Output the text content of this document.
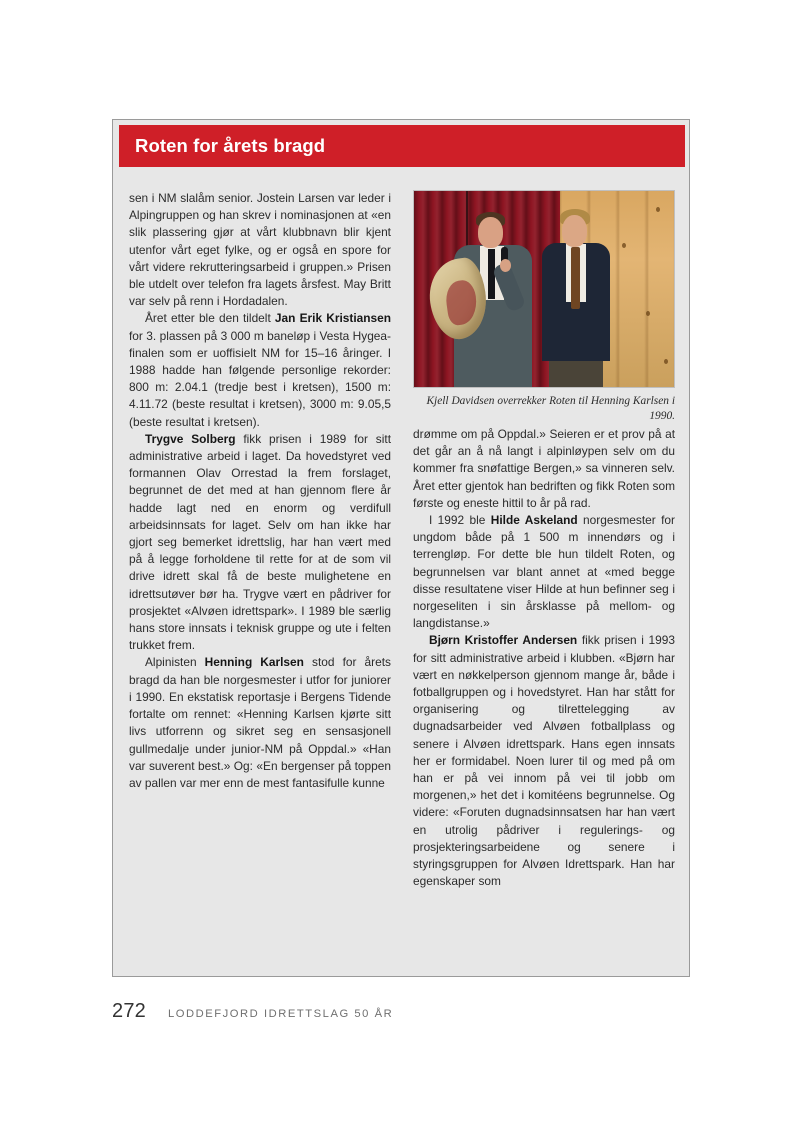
Roten for årets bragd
Kjell Davidsen overrekker Roten til Henning Karlsen i 1990.

sen i NM slalåm senior. Jostein Larsen var leder i Alpingruppen og han skrev i nominasjonen at «en slik plassering gjør at vårt klubbnavn blir kjent utenfor vårt eget fylke, og er også en spore for vårt videre rekrutteringsarbeid i gruppen.» Prisen ble utdelt over telefon fra lagets årsfest. May Britt var selv på renn i Hordadalen.

Året etter ble den tildelt Jan Erik Kristiansen for 3. plassen på 3 000 m baneløp i Vesta Hygea-finalen som er uoffisielt NM for 15–16 åringer. I 1988 hadde han følgende personlige rekorder: 800 m: 2.04.1 (tredje best i kretsen), 1500 m: 4.11.72 (beste resultat i kretsen), 3000 m: 9.05,5 (beste resultat i kretsen).

Trygve Solberg fikk prisen i 1989 for sitt administrative arbeid i laget. Da hovedstyret ved formannen Olav Orrestad la frem forslaget, begrunnet de det med at han gjennom flere år hadde lagt ned en enorm og verdifull arbeidsinnsats for laget. Selv om han ikke har gjort seg bemerket idrettslig, har han vært med på å legge forholdene til rette for at de som vil drive idrett skal få de beste mulighetene en idrettsutøver bør ha. Trygve vært en pådriver for prosjektet «Alvøen idrettspark». I 1989 ble særlig hans store innsats i teknisk gruppe og ute i felten trukket frem.

Alpinisten Henning Karlsen stod for årets bragd da han ble norgesmester i utfor for juniorer i 1990. En ekstatisk reportasje i Bergens Tidende fortalte om rennet: «Henning Karlsen kjørte sitt livs utforrenn og sikret seg en sensasjonell gullmedalje under junior-NM på Oppdal.» «Han var suverent best.» Og: «En bergenser på toppen av pallen var mer enn de mest fantasifulle kunne

drømme om på Oppdal.» Seieren er et prov på at det går an å nå langt i alpinløypen selv om du kommer fra snøfattige Bergen,» sa vinneren selv. Året etter gjentok han bedriften og fikk Roten som første og eneste hittil to år på rad.

I 1992 ble Hilde Askeland norgesmester for ungdom både på 1 500 m innendørs og i terrengløp. For dette ble hun tildelt Roten, og begrunnelsen var blant annet at «med begge disse resultatene viser Hilde at hun befinner seg i norgeseliten i sin årsklasse på mellom- og langdistanse.»

Bjørn Kristoffer Andersen fikk prisen i 1993 for sitt administrative arbeid i klubben. «Bjørn har vært en nøkkelperson gjennom mange år, både i fotballgruppen og i hovedstyret. Han har stått for organisering og tilrettelegging av dugnadsarbeider ved Alvøen fotballplass og senere i Alvøen idrettspark. Hans egen innsats her er formidabel. Noen lurer til og med på om han er på vei innom på vei til jobb om morgenen,» het det i komitéens begrunnelse. Og videre: «Foruten dugnadsinnsatsen har han vært en utrolig pådriver i regulerings- og prosjekteringsarbeidene og senere i styringsgruppen for Alvøen Idrettspark. Han har egenskaper som

272 LODDEFJORD IDRETTSLAG 50 ÅR
